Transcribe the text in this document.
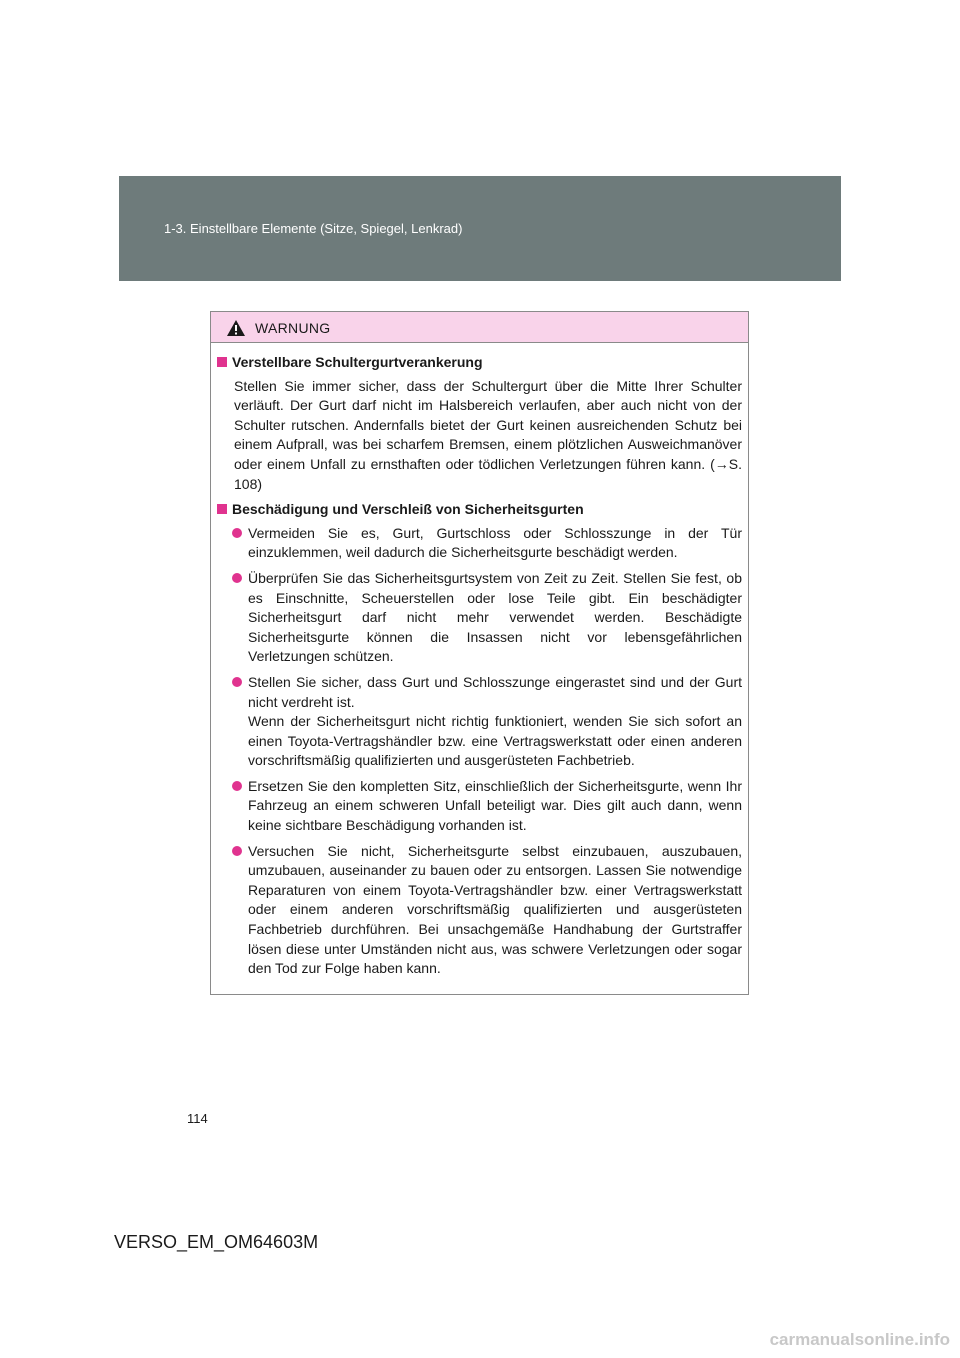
1-3. Einstellbare Elemente (Sitze, Spiegel, Lenkrad)
WARNUNG
Verstellbare Schultergurtverankerung
Stellen Sie immer sicher, dass der Schultergurt über die Mitte Ihrer Schulter verläuft. Der Gurt darf nicht im Halsbereich verlaufen, aber auch nicht von der Schulter rutschen. Andernfalls bietet der Gurt keinen ausreichenden Schutz bei einem Aufprall, was bei scharfem Bremsen, einem plötzlichen Ausweichmanöver oder einem Unfall zu ernsthaften oder tödlichen Verletzungen führen kann. (→S. 108)
Beschädigung und Verschleiß von Sicherheitsgurten
Vermeiden Sie es, Gurt, Gurtschloss oder Schlosszunge in der Tür einzuklemmen, weil dadurch die Sicherheitsgurte beschädigt werden.
Überprüfen Sie das Sicherheitsgurtsystem von Zeit zu Zeit. Stellen Sie fest, ob es Einschnitte, Scheuerstellen oder lose Teile gibt. Ein beschädigter Sicherheitsgurt darf nicht mehr verwendet werden. Beschädigte Sicherheitsgurte können die Insassen nicht vor lebensgefährlichen Verletzungen schützen.
Stellen Sie sicher, dass Gurt und Schlosszunge eingerastet sind und der Gurt nicht verdreht ist.
Wenn der Sicherheitsgurt nicht richtig funktioniert, wenden Sie sich sofort an einen Toyota-Vertragshändler bzw. eine Vertragswerkstatt oder einen anderen vorschriftsmäßig qualifizierten und ausgerüsteten Fachbetrieb.
Ersetzen Sie den kompletten Sitz, einschließlich der Sicherheitsgurte, wenn Ihr Fahrzeug an einem schweren Unfall beteiligt war. Dies gilt auch dann, wenn keine sichtbare Beschädigung vorhanden ist.
Versuchen Sie nicht, Sicherheitsgurte selbst einzubauen, auszubauen, umzubauen, auseinander zu bauen oder zu entsorgen. Lassen Sie notwendige Reparaturen von einem Toyota-Vertragshändler bzw. einer Vertragswerkstatt oder einem anderen vorschriftsmäßig qualifizierten und ausgerüsteten Fachbetrieb durchführen. Bei unsachgemäße Handhabung der Gurtstraffer lösen diese unter Umständen nicht aus, was schwere Verletzungen oder sogar den Tod zur Folge haben kann.
114
VERSO_EM_OM64603M
carmanualsonline.info
